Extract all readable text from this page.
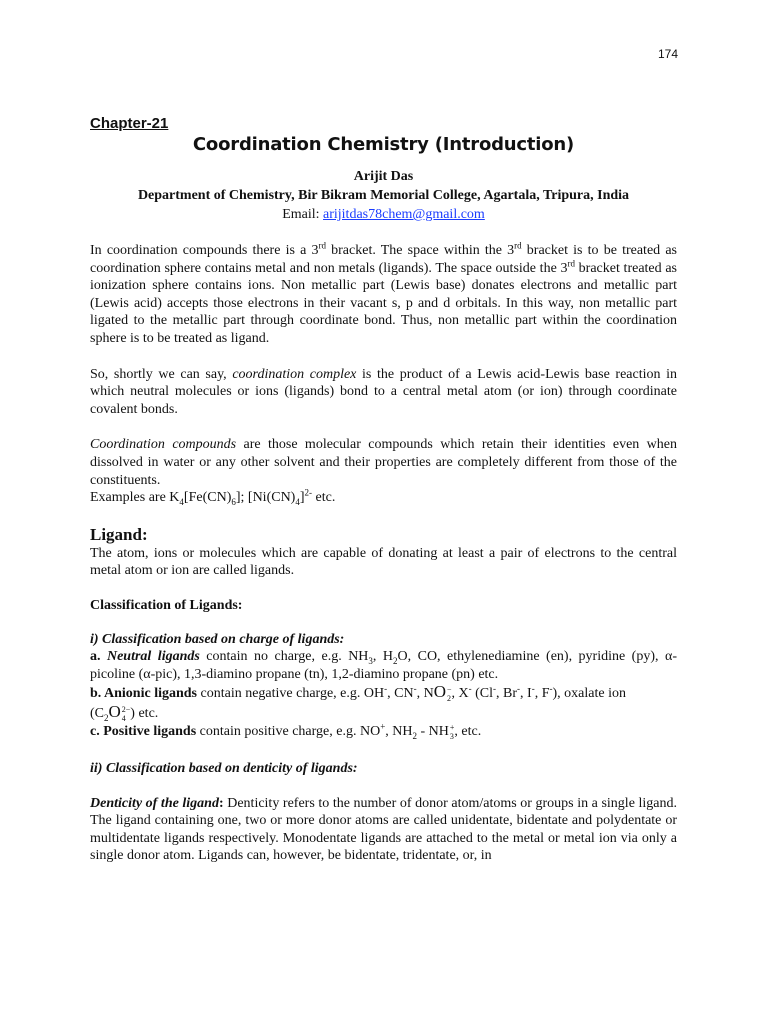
174
Chapter-21
Coordination Chemistry (Introduction)
Arijit Das
Department of Chemistry, Bir Bikram Memorial College, Agartala, Tripura, India
Email: arijitdas78chem@gmail.com

In coordination compounds there is a 3rd bracket. The space within the 3rd bracket is to be treated as coordination sphere contains metal and non metals (ligands). The space outside the 3rd bracket treated as ionization sphere contains ions. Non metallic part (Lewis base) donates electrons and metallic part (Lewis acid) accepts those electrons in their vacant s, p and d orbitals. In this way, non metallic part ligated to the metallic part through coordinate bond. Thus, non metallic part within the coordination sphere is to be treated as ligand.

So, shortly we can say, coordination complex is the product of a Lewis acid-Lewis base reaction in which neutral molecules or ions (ligands) bond to a central metal atom (or ion) through coordinate covalent bonds.

Coordination compounds are those molecular compounds which retain their identities even when dissolved in water or any other solvent and their properties are completely different from those of the constituents.
Examples are $K_4[Fe(CN)_6]$; $[Ni(CN)_4]^{2-}$ etc.

Ligand:

The atom, ions or molecules which are capable of donating at least a pair of electrons to the central metal atom or ion are called ligands.

Classification of Ligands:
i) Classification based on charge of ligands:

a. Neutral ligands contain no charge, e.g. $NH_3$, $H_2O$, CO, ethylenediamine (en), pyridine (py), α-picoline (α-pic), 1,3-diamino propane (tn), 1,2-diamino propane (pn) etc.

b. Anionic ligands contain negative charge, e.g. OH-, CN-, NO −
2 , X- (Cl-, Br-, I-, F-), oxalate ion
($C_2O$ 2−
4 ) etc.

c. Positive ligands contain positive charge, e.g. NO+, $NH_2$ - NH +
3 , etc.

ii) Classification based on denticity of ligands:

Denticity of the ligand: Denticity refers to the number of donor atom/atoms or groups in a single ligand. The ligand containing one, two or more donor atoms are called unidentate, bidentate and polydentate or multidentate ligands respectively. Monodentate ligands are attached to the metal or metal ion via only a single donor atom. Ligands can, however, be bidentate, tridentate, or, in
